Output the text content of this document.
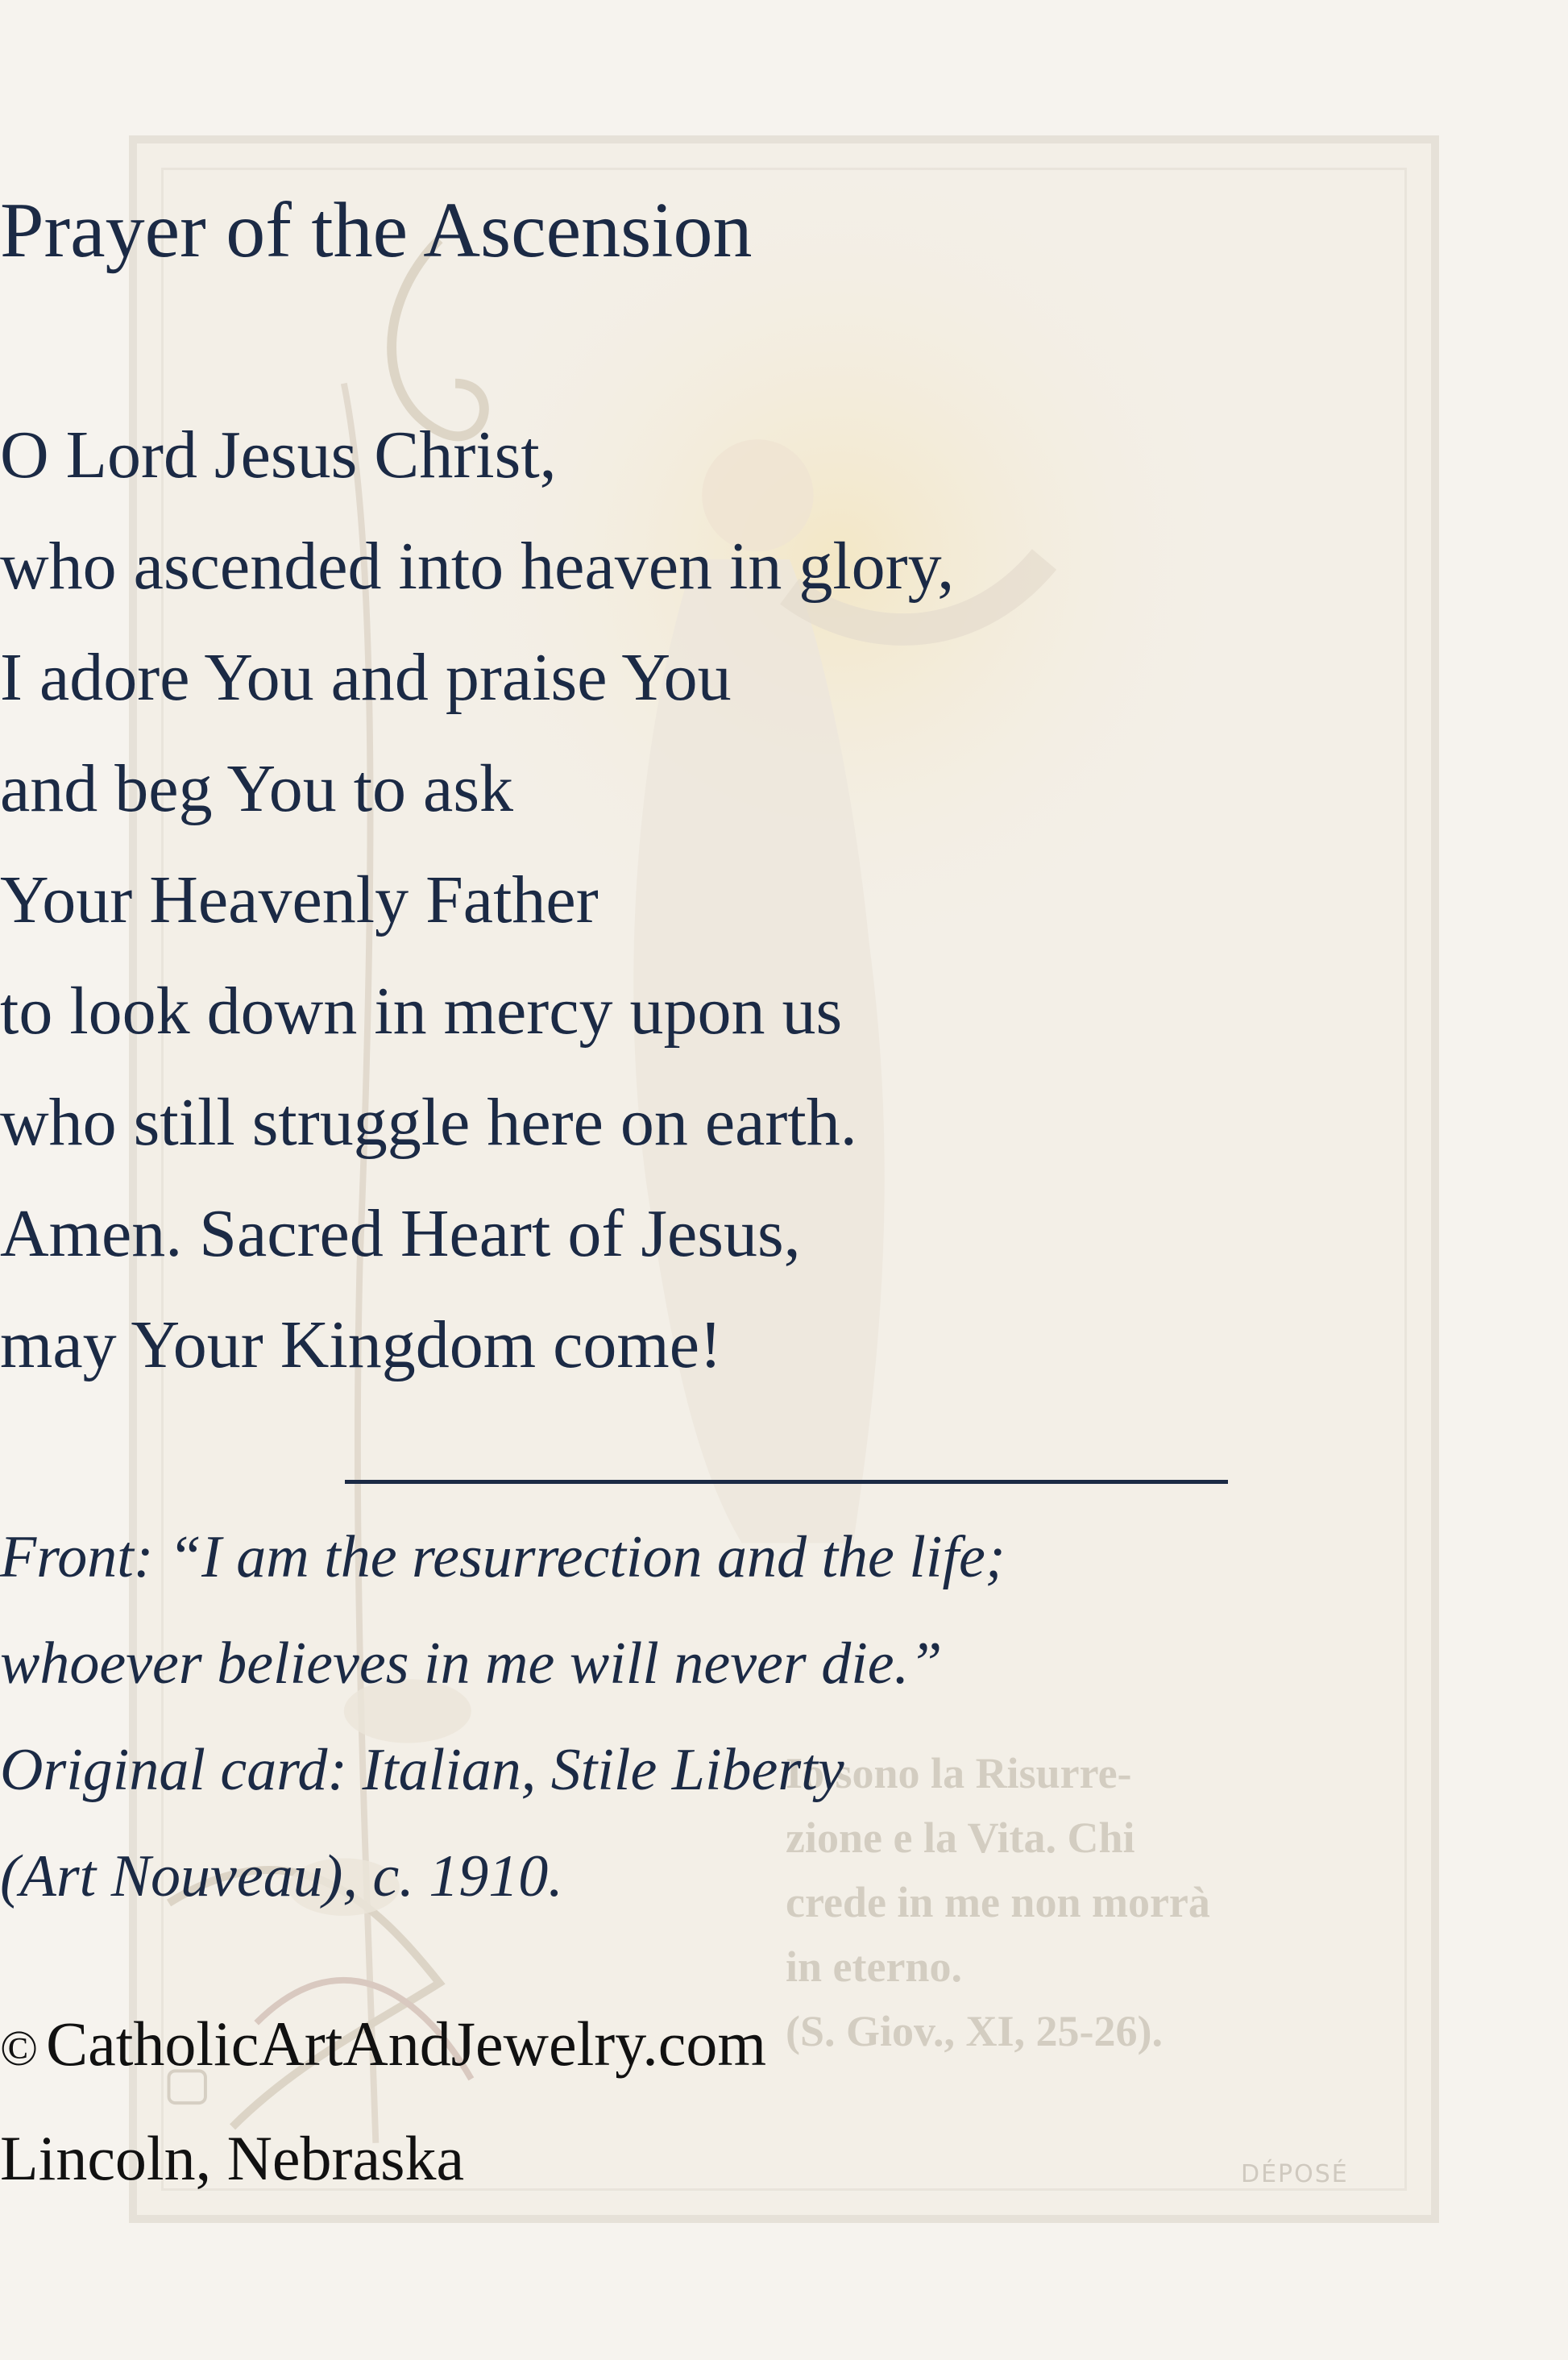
Io sono la Risurre-
zione e la Vita. Chi
crede in me non morrà
in eterno.
(S. Giov., XI, 25-26).
DÉPOSÉ
Prayer of the Ascension
O Lord Jesus Christ,
who ascended into heaven in glory,
I adore You and praise You
and beg You to ask
Your Heavenly Father
to look down in mercy upon us
who still struggle here on earth.
Amen. Sacred Heart of Jesus,
may Your Kingdom come!
Front: “I am the resurrection and the life;
whoever believes in me will never die.”
Original card: Italian, Stile Liberty
(Art Nouveau), c. 1910.
© CatholicArtAndJewelry.com
Lincoln, Nebraska
